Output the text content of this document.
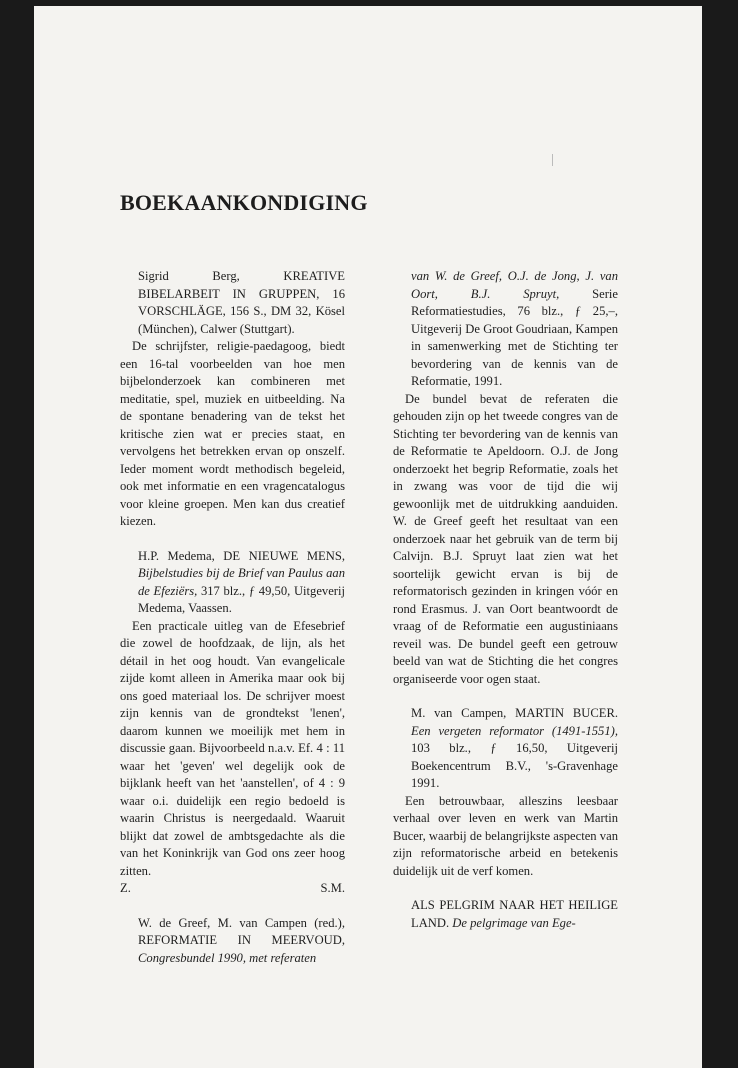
BOEKAANKONDIGING

Sigrid Berg, KREATIVE BIBELARBEIT IN GRUPPEN, 16 VORSCHLÄGE, 156 S., DM 32, Kösel (München), Calwer (Stuttgart).

De schrijfster, religie-paedagoog, biedt een 16-tal voorbeelden van hoe men bijbelonderzoek kan combineren met meditatie, spel, muziek en uitbeelding. Na de spontane benadering van de tekst het kritische zien wat er precies staat, en vervolgens het betrekken ervan op onszelf. Ieder moment wordt methodisch begeleid, ook met informatie en een vragencatalogus voor kleine groepen. Men kan dus creatief kiezen.

H.P. Medema, DE NIEUWE MENS, Bijbelstudies bij de Brief van Paulus aan de Efeziërs, 317 blz., ƒ 49,50, Uitgeverij Medema, Vaassen.

Een practicale uitleg van de Efesebrief die zowel de hoofdzaak, de lijn, als het détail in het oog houdt. Van evangelicale zijde komt alleen in Amerika maar ook bij ons goed materiaal los. De schrijver moest zijn kennis van de grondtekst 'lenen', daarom kunnen we moeilijk met hem in discussie gaan. Bijvoorbeeld n.a.v. Ef. 4 : 11 waar het 'geven' wel degelijk ook de bijklank heeft van het 'aanstellen', of 4 : 9 waar o.i. duidelijk een regio bedoeld is waarin Christus is neergedaald. Waaruit blijkt dat zowel de ambtsgedachte als die van het Koninkrijk van God ons zeer hoog zitten.

Z.	S.M.

W. de Greef, M. van Campen (red.), REFORMATIE IN MEERVOUD, Congresbundel 1990, met referaten

van W. de Greef, O.J. de Jong, J. van Oort, B.J. Spruyt,	Serie Reformatiestudies, 76 blz., ƒ 25,–, Uitgeverij De Groot Goudriaan, Kampen in samenwerking met de Stichting ter bevordering van de kennis van de Reformatie, 1991.

De bundel bevat de referaten die gehouden zijn op het tweede congres van de Stichting ter bevordering van de kennis van de Reformatie te Apeldoorn. O.J. de Jong onderzoekt het begrip Reformatie, zoals het in zwang was voor de tijd die wij gewoonlijk met de uitdrukking aanduiden. W. de Greef geeft het resultaat van een onderzoek naar het gebruik van de term bij Calvijn. B.J. Spruyt laat zien wat het soortelijk gewicht ervan is bij de reformatorisch gezinden in kringen vóór en rond Erasmus. J. van Oort beantwoordt de vraag of de Reformatie een augustiniaans reveil was. De bundel geeft een getrouw beeld van wat de Stichting die het congres organiseerde voor ogen staat.

M. van Campen, MARTIN BUCER. Een vergeten reformator (1491-1551), 103 blz., ƒ 16,50, Uitgeverij Boekencentrum B.V., 's-Gravenhage 1991.

Een betrouwbaar, alleszins leesbaar verhaal over leven en werk van Martin Bucer, waarbij de belangrijkste aspecten van zijn reformatorische arbeid en betekenis duidelijk uit de verf komen.

ALS PELGRIM NAAR HET HEILIGE LAND. De pelgrimage van Ege-
